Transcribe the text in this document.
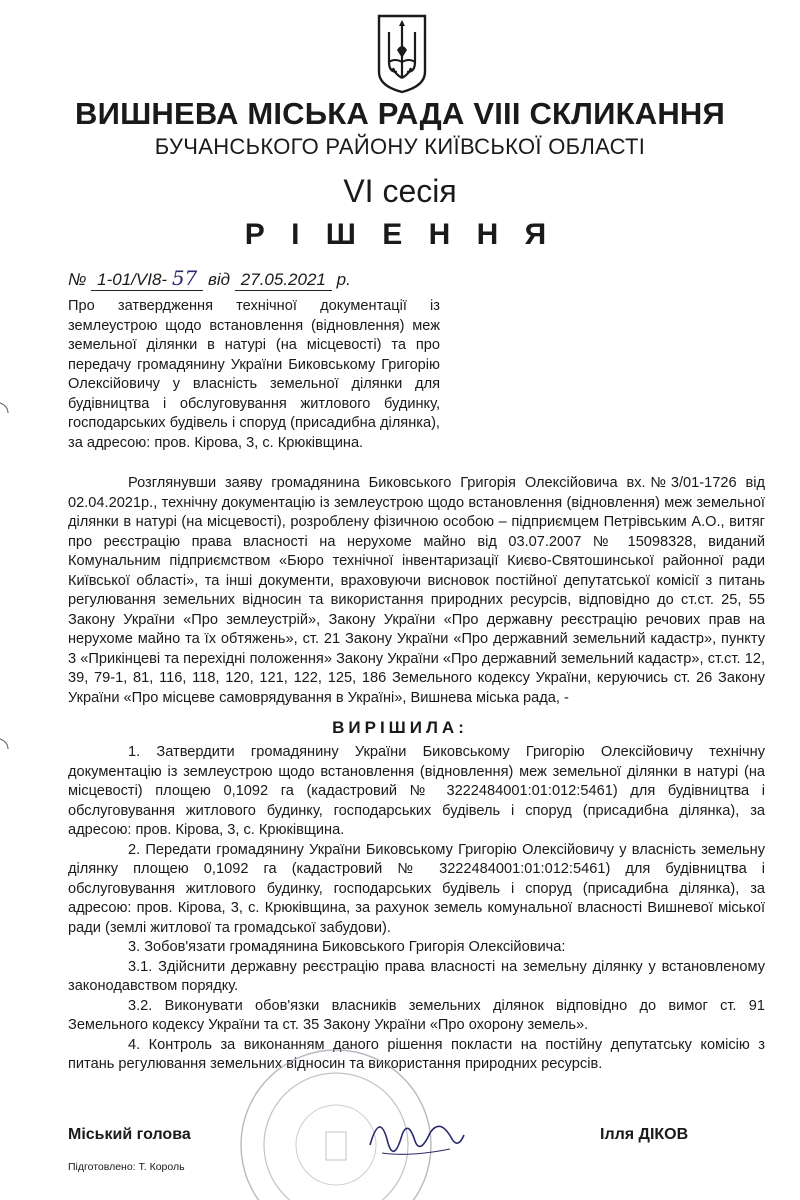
ВИШНЕВА МІСЬКА РАДА VIII СКЛИКАННЯ
БУЧАНСЬКОГО РАЙОНУ КИЇВСЬКОЇ ОБЛАСТІ
VI сесія
Р І Ш Е Н Н Я
№ 1-01/VI8- 57 від 27.05.2021 р.
Про затвердження технічної документації із землеустрою щодо встановлення (відновлення) меж земельної ділянки в натурі (на місцевості) та про передачу громадянину України Биковському Григорію Олексійовичу у власність земельної ділянки для будівництва і обслуговування житлового будинку, господарських будівель і споруд (присадибна ділянка), за адресою: пров. Кірова, 3, с. Крюківщина.
Розглянувши заяву громадянина Биковського Григорія Олексійовича вх.№3/01-1726 від 02.04.2021р., технічну документацію із землеустрою щодо встановлення (відновлення) меж земельної ділянки в натурі (на місцевості), розроблену фізичною особою – підприємцем Петрівським А.О., витяг про реєстрацію права власності на нерухоме майно від 03.07.2007 № 15098328, виданий Комунальним підприємством «Бюро технічної інвентаризації Києво-Святошинської районної ради Київської області», та інші документи, враховуючи висновок постійної депутатської комісії з питань регулювання земельних відносин та використання природних ресурсів, відповідно до ст.ст. 25, 55 Закону України «Про землеустрій», Закону України «Про державну реєстрацію речових прав на нерухоме майно та їх обтяжень», ст. 21 Закону України «Про державний земельний кадастр», пункту 3 «Прикінцеві та перехідні положення» Закону України «Про державний земельний кадастр», ст.ст. 12, 39, 79-1, 81, 116, 118, 120, 121, 122, 125, 186 Земельного кодексу України, керуючись ст. 26 Закону України «Про місцеве самоврядування в Україні», Вишнева міська рада, -
ВИРІШИЛА:

1. Затвердити громадянину України Биковському Григорію Олексійовичу технічну документацію із землеустрою щодо встановлення (відновлення) меж земельної ділянки в натурі (на місцевості) площею 0,1092 га (кадастровий № 3222484001:01:012:5461) для будівництва і обслуговування житлового будинку, господарських будівель і споруд (присадибна ділянка), за адресою: пров. Кірова, 3, с. Крюківщина.

2. Передати громадянину України Биковському Григорію Олексійовичу у власність земельну ділянку площею 0,1092 га (кадастровий № 3222484001:01:012:5461) для будівництва і обслуговування житлового будинку, господарських будівель і споруд (присадибна ділянка), за адресою: пров. Кірова, 3, с. Крюківщина, за рахунок земель комунальної власності Вишневої міської ради (землі житлової та громадської забудови).

3. Зобов'язати громадянина Биковського Григорія Олексійовича:

3.1. Здійснити державну реєстрацію права власності на земельну ділянку у встановленому законодавством порядку.

3.2. Виконувати обов'язки власників земельних ділянок відповідно до вимог ст. 91 Земельного кодексу України та ст. 35 Закону України «Про охорону земель».

4. Контроль за виконанням даного рішення покласти на постійну депутатську комісію з питань регулювання земельних відносин та використання природних ресурсів.

Міський голова	Ілля ДІКОВ
Підготовлено: Т. Король
